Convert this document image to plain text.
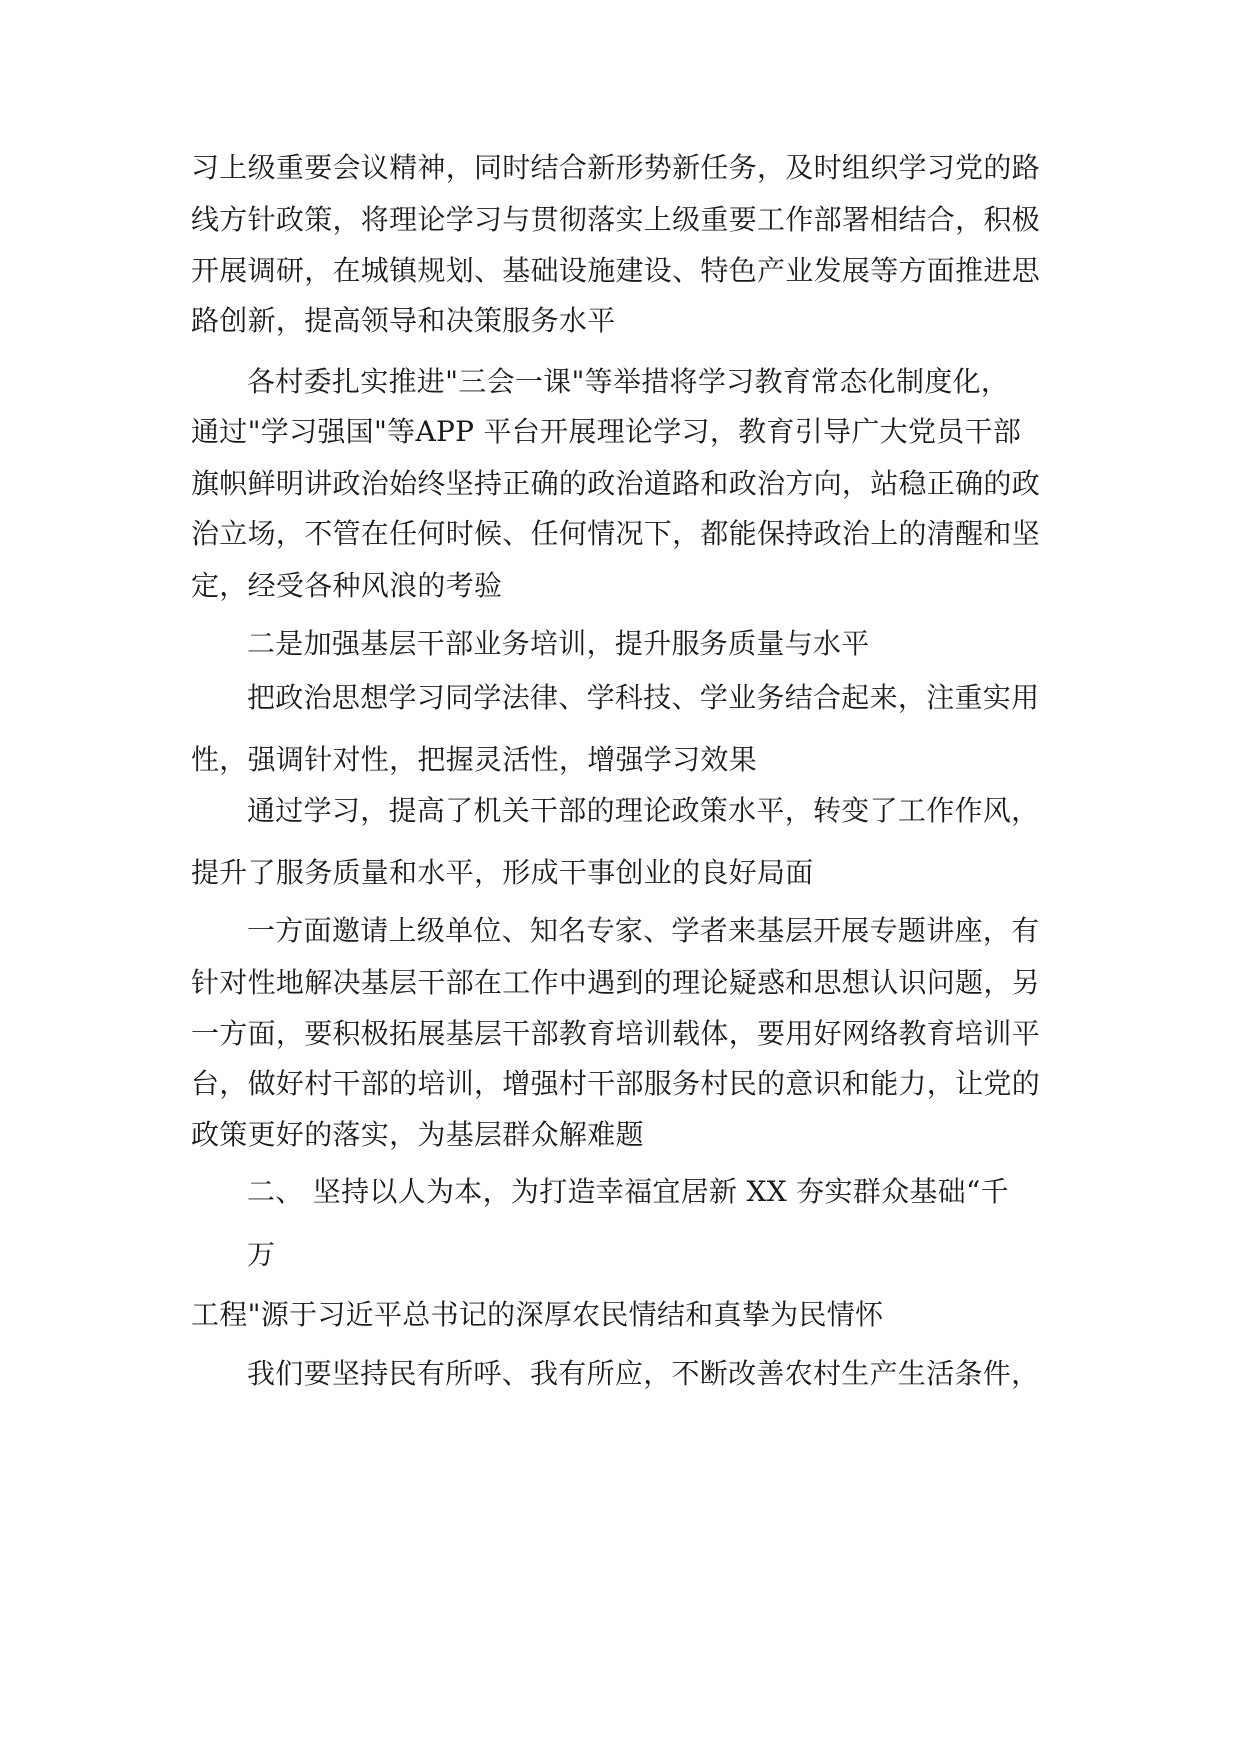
习上级重要会议精神，同时结合新形势新任务，及时组织学习党的路

线方针政策，将理论学习与贯彻落实上级重要工作部署相结合，积极

开展调研，在城镇规划、基础设施建设、特色产业发展等方面推进思

路创新，提高领导和决策服务水平

各村委扎实推进"三会一课"等举措将学习教育常态化制度化，

通过"学习强国"等APP 平台开展理论学习，教育引导广大党员干部

旗帜鲜明讲政治始终坚持正确的政治道路和政治方向，站稳正确的政

治立场，不管在任何时候、任何情况下，都能保持政治上的清醒和坚

定，经受各种风浪的考验

二是加强基层干部业务培训，提升服务质量与水平

把政治思想学习同学法律、学科技、学业务结合起来，注重实用

性，强调针对性，把握灵活性，增强学习效果

通过学习，提高了机关干部的理论政策水平，转变了工作作风，

提升了服务质量和水平，形成干事创业的良好局面

一方面邀请上级单位、知名专家、学者来基层开展专题讲座，有

针对性地解决基层干部在工作中遇到的理论疑惑和思想认识问题，另

一方面，要积极拓展基层干部教育培训载体，要用好网络教育培训平

台，做好村干部的培训，增强村干部服务村民的意识和能力，让党的

政策更好的落实，为基层群众解难题

二、 坚持以人为本，为打造幸福宜居新 XX 夯实群众基础“千

万

工程"源于习近平总书记的深厚农民情结和真挚为民情怀

我们要坚持民有所呼、我有所应，不断改善农村生产生活条件，
